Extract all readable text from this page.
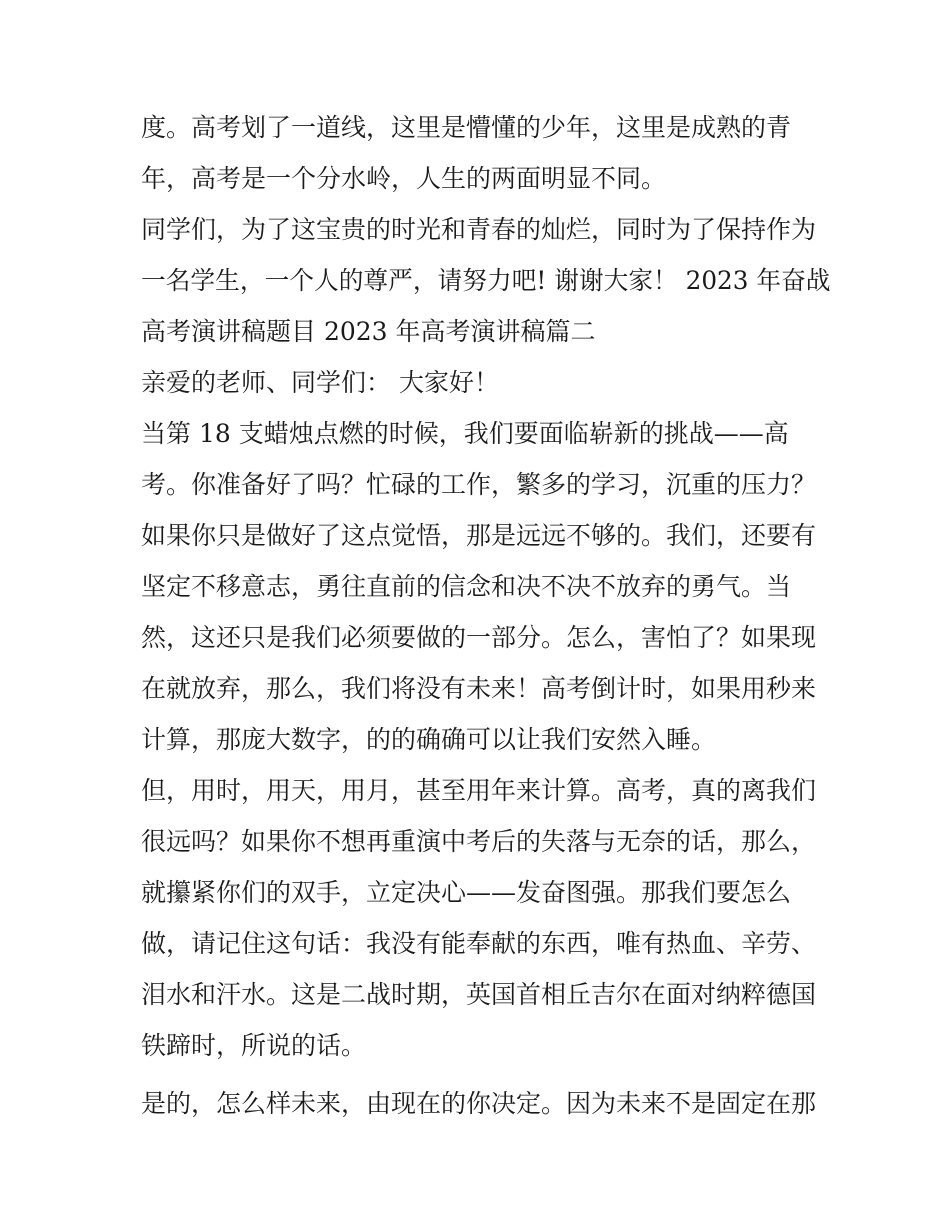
度。高考划了一道线，这里是懵懂的少年，这里是成熟的青
年，高考是一个分水岭，人生的两面明显不同。
同学们，为了这宝贵的时光和青春的灿烂，同时为了保持作为
一名学生，一个人的尊严，请努力吧! 谢谢大家！ 2023 年奋战
高考演讲稿题目 2023 年高考演讲稿篇二
亲爱的老师、同学们： 大家好！
当第 18 支蜡烛点燃的时候，我们要面临崭新的挑战——高
考。你准备好了吗？忙碌的工作，繁多的学习，沉重的压力？
如果你只是做好了这点觉悟，那是远远不够的。我们，还要有
坚定不移意志，勇往直前的信念和决不决不放弃的勇气。当
然，这还只是我们必须要做的一部分。怎么，害怕了？如果现
在就放弃，那么，我们将没有未来！高考倒计时，如果用秒来
计算，那庞大数字，的的确确可以让我们安然入睡。
但，用时，用天，用月，甚至用年来计算。高考，真的离我们
很远吗？如果你不想再重演中考后的失落与无奈的话，那么，
就攥紧你们的双手，立定决心——发奋图强。那我们要怎么
做，请记住这句话：我没有能奉献的东西，唯有热血、辛劳、
泪水和汗水。这是二战时期，英国首相丘吉尔在面对纳粹德国
铁蹄时，所说的话。
是的，怎么样未来，由现在的你决定。因为未来不是固定在那
